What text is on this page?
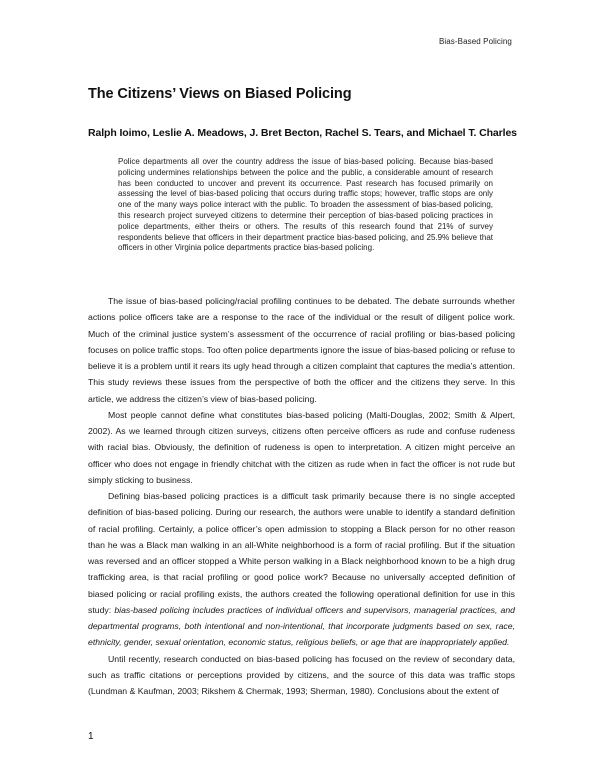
Bias-Based Policing
The Citizens’ Views on Biased Policing
Ralph Ioimo, Leslie A. Meadows, J. Bret Becton, Rachel S. Tears, and Michael T. Charles

Police departments all over the country address the issue of bias-based policing. Because bias-based policing undermines relationships between the police and the public, a considerable amount of research has been conducted to uncover and prevent its occurrence. Past research has focused primarily on assessing the level of bias-based policing that occurs during traffic stops; however, traffic stops are only one of the many ways police interact with the public. To broaden the assessment of bias-based policing, this research project surveyed citizens to determine their perception of bias-based policing practices in police departments, either theirs or others. The results of this research found that 21% of survey respondents believe that officers in their department practice bias-based policing, and 25.9% believe that officers in other Virginia police departments practice bias-based policing.

The issue of bias-based policing/racial profiling continues to be debated. The debate surrounds whether actions police officers take are a response to the race of the individual or the result of diligent police work. Much of the criminal justice system’s assessment of the occurrence of racial profiling or bias-based policing focuses on police traffic stops. Too often police departments ignore the issue of bias-based policing or refuse to believe it is a problem until it rears its ugly head through a citizen complaint that captures the media’s attention. This study reviews these issues from the perspective of both the officer and the citizens they serve. In this article, we address the citizen’s view of bias-based policing.

Most people cannot define what constitutes bias-based policing (Malti-Douglas, 2002; Smith & Alpert, 2002). As we learned through citizen surveys, citizens often perceive officers as rude and confuse rudeness with racial bias. Obviously, the definition of rudeness is open to interpretation. A citizen might perceive an officer who does not engage in friendly chitchat with the citizen as rude when in fact the officer is not rude but simply sticking to business.

Defining bias-based policing practices is a difficult task primarily because there is no single accepted definition of bias-based policing. During our research, the authors were unable to identify a standard definition of racial profiling. Certainly, a police officer’s open admission to stopping a Black person for no other reason than he was a Black man walking in an all-White neighborhood is a form of racial profiling. But if the situation was reversed and an officer stopped a White person walking in a Black neighborhood known to be a high drug trafficking area, is that racial profiling or good police work? Because no universally accepted definition of biased policing or racial profiling exists, the authors created the following operational definition for use in this study: bias-based policing includes practices of individual officers and supervisors, managerial practices, and departmental programs, both intentional and non-intentional, that incorporate judgments based on sex, race, ethnicity, gender, sexual orientation, economic status, religious beliefs, or age that are inappropriately applied.

Until recently, research conducted on bias-based policing has focused on the review of secondary data, such as traffic citations or perceptions provided by citizens, and the source of this data was traffic stops (Lundman & Kaufman, 2003; Rikshem & Chermak, 1993; Sherman, 1980). Conclusions about the extent of

1
